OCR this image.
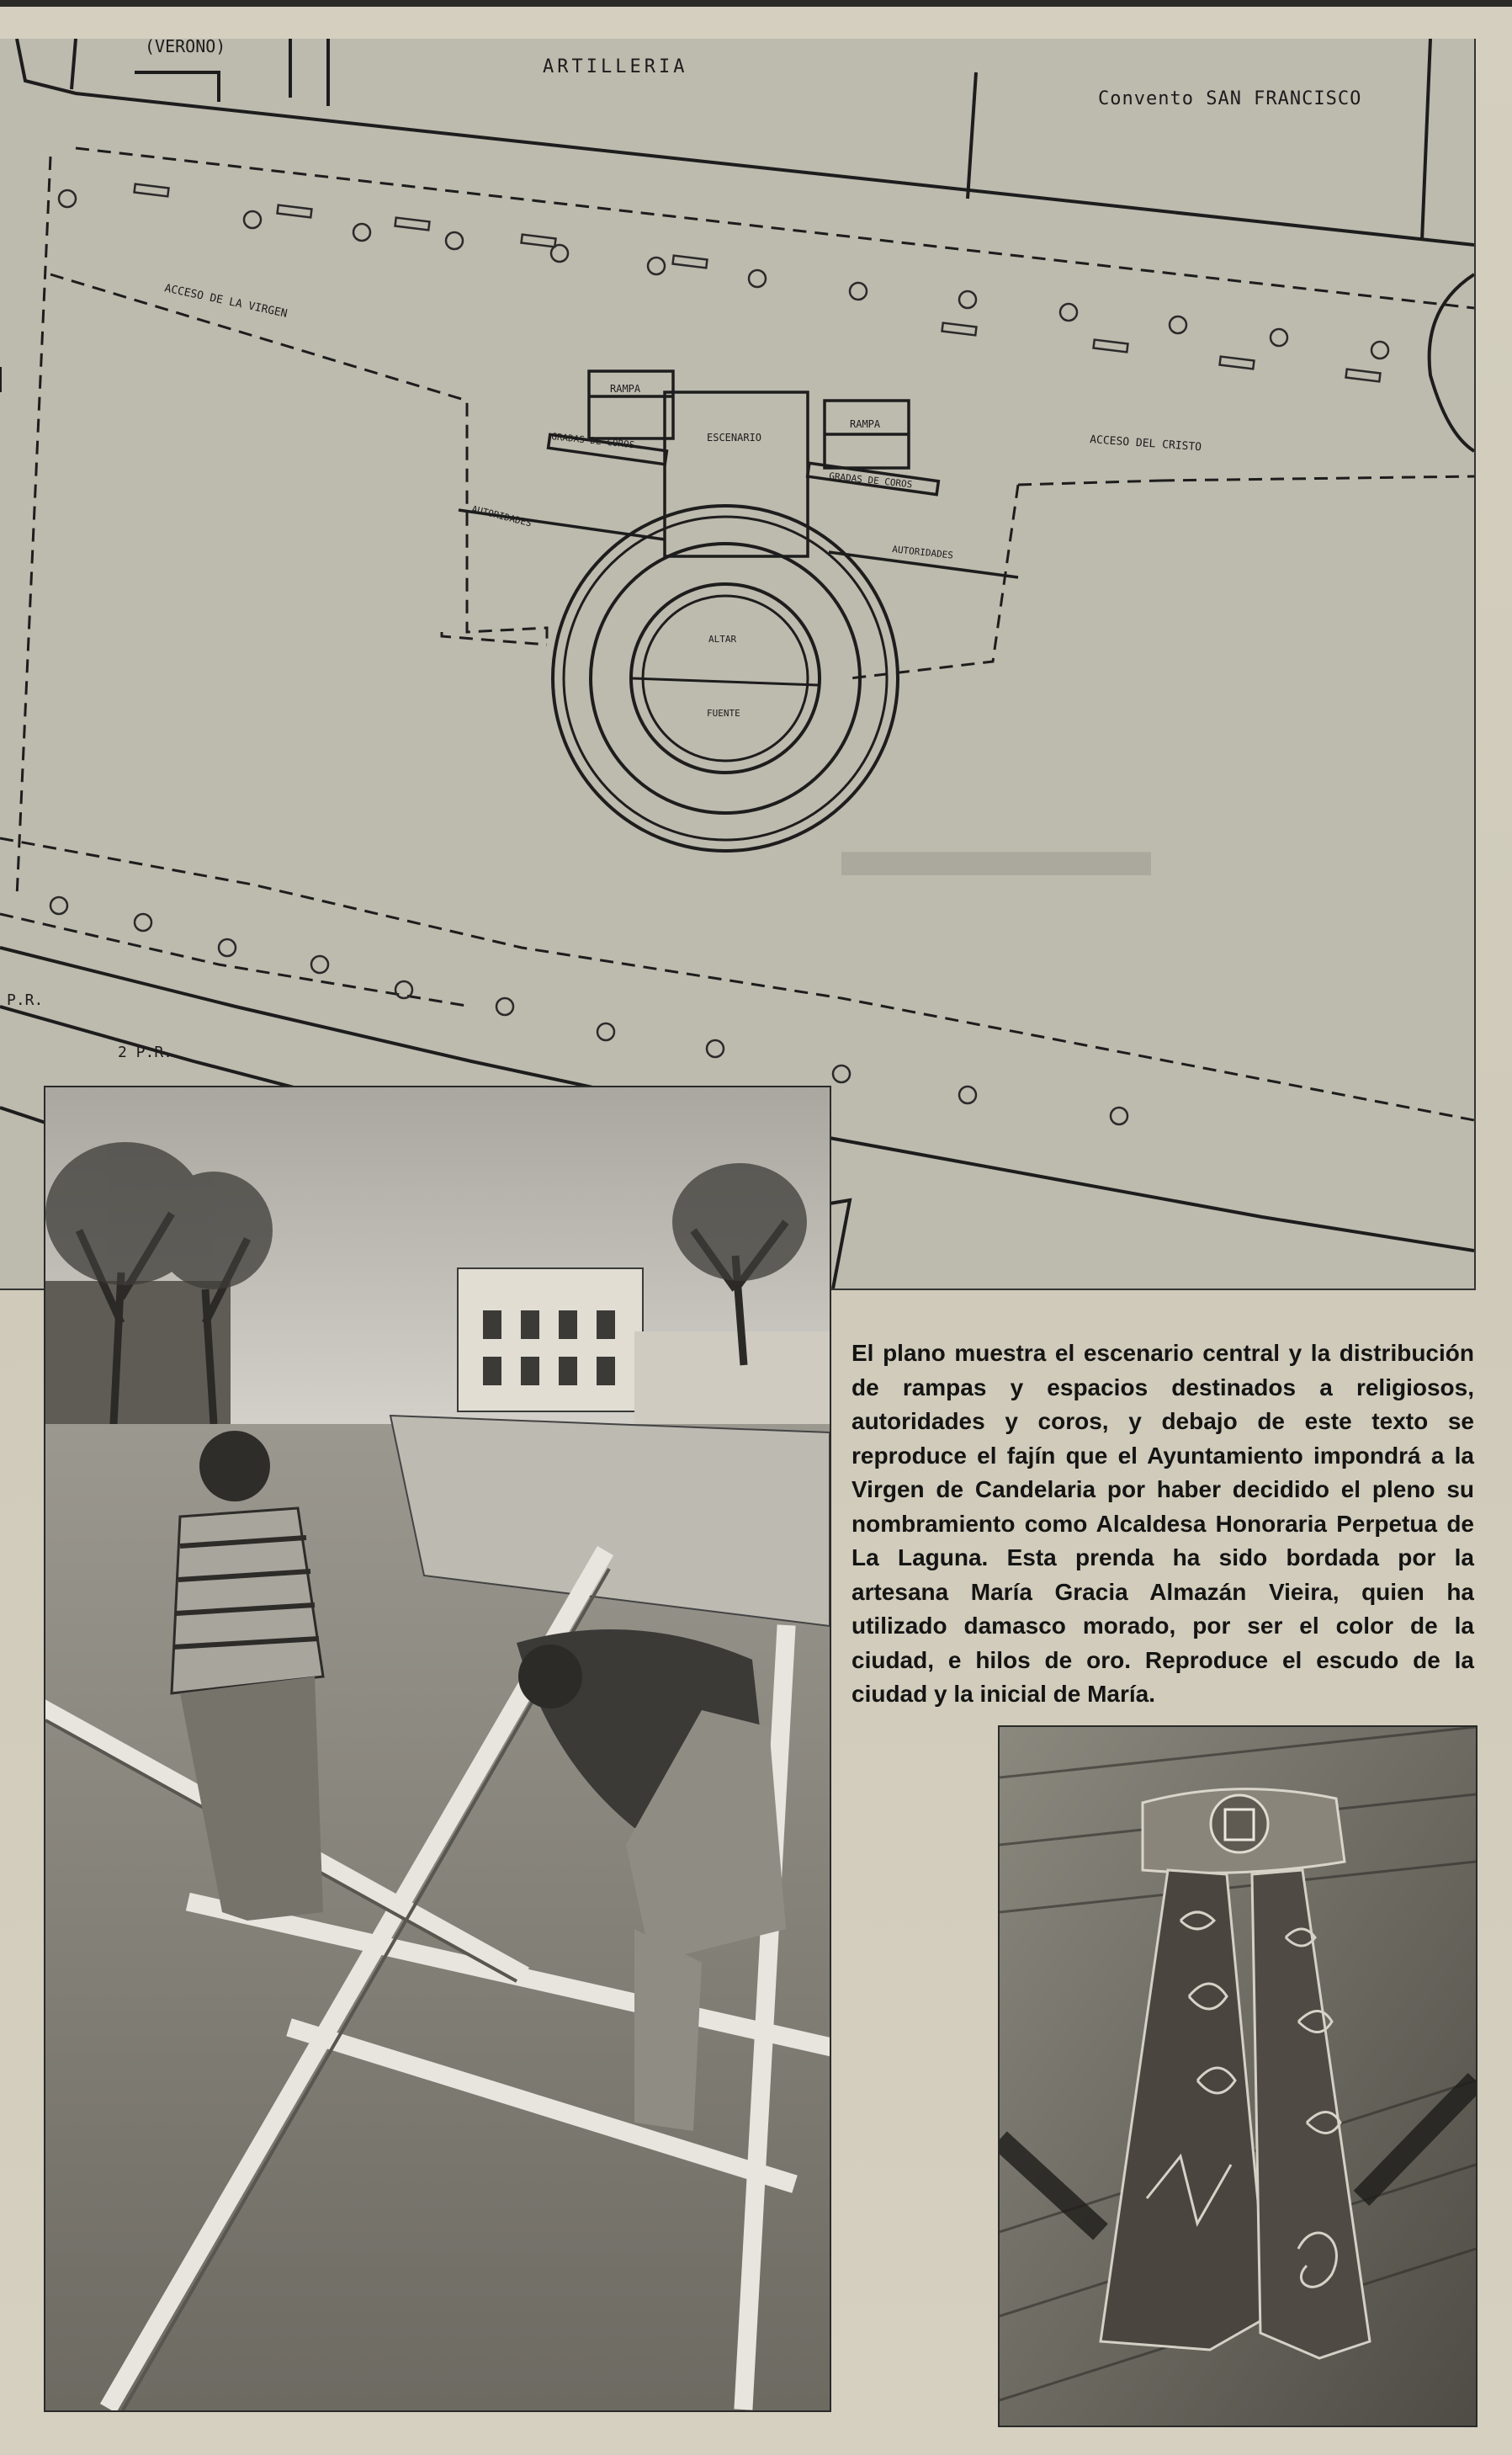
(VERONO)
ARTILLERIA
Convento SAN FRANCISCO
ACCESO DE LA VIRGEN
ACCESO DEL CRISTO
RAMPA
RAMPA
ESCENARIO
GRADAS DE COROS
GRADAS DE COROS
AUTORIDADES
AUTORIDADES
ALTAR
FUENTE
P.R.
2 P.R.

El plano muestra el escenario central y la distribución de rampas y espacios destinados a religiosos, autoridades y coros, y debajo de este texto se reproduce el fajín que el Ayuntamiento impondrá a la Virgen de Candelaria por haber decidido el pleno su nombramiento como Alcaldesa Honoraria Perpetua de La Laguna. Esta prenda ha sido bordada por la artesana María Gracia Almazán Vieira, quien ha utilizado damasco morado, por ser el color de la ciudad, e hilos de oro. Reproduce el escudo de la ciudad y la inicial de María.
